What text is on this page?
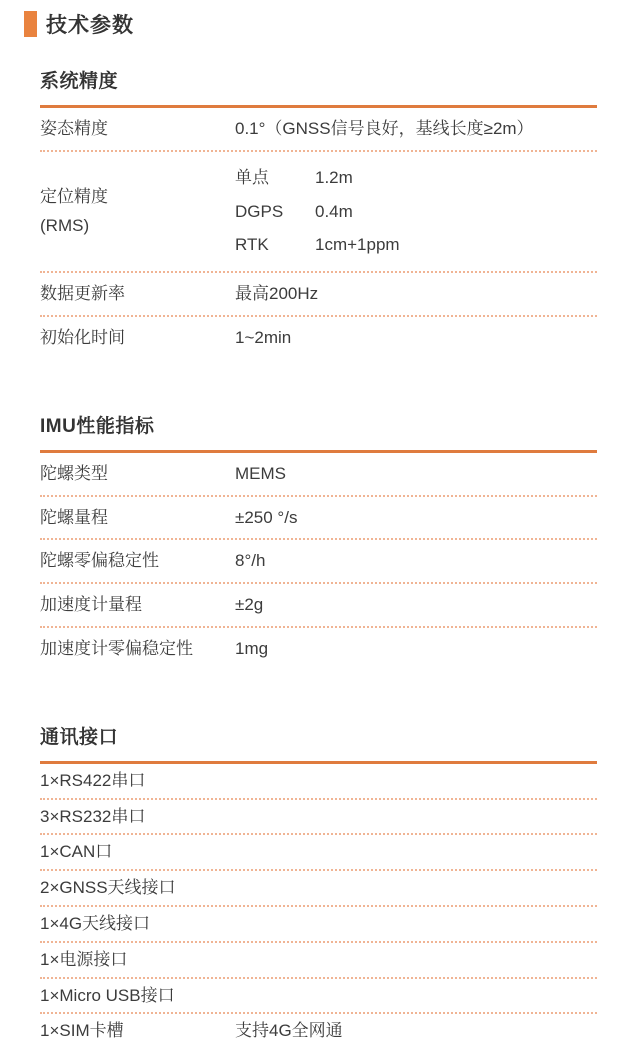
技术参数
系统精度
姿态精度	0.1°（GNSS信号良好，基线长度≥2m）
定位精度
(RMS)
单点	1.2m
DGPS	0.4m
RTK	1cm+1ppm
数据更新率	最高200Hz
初始化时间	1~2min
IMU性能指标
陀螺类型	MEMS
陀螺量程	±250 °/s
陀螺零偏稳定性	8°/h
加速度计量程	±2g
加速度计零偏稳定性	1mg
通讯接口
1×RS422串口
3×RS232串口
1×CAN口
2×GNSS天线接口
1×4G天线接口
1×电源接口
1×Micro USB接口
1×SIM卡槽	支持4G全网通
